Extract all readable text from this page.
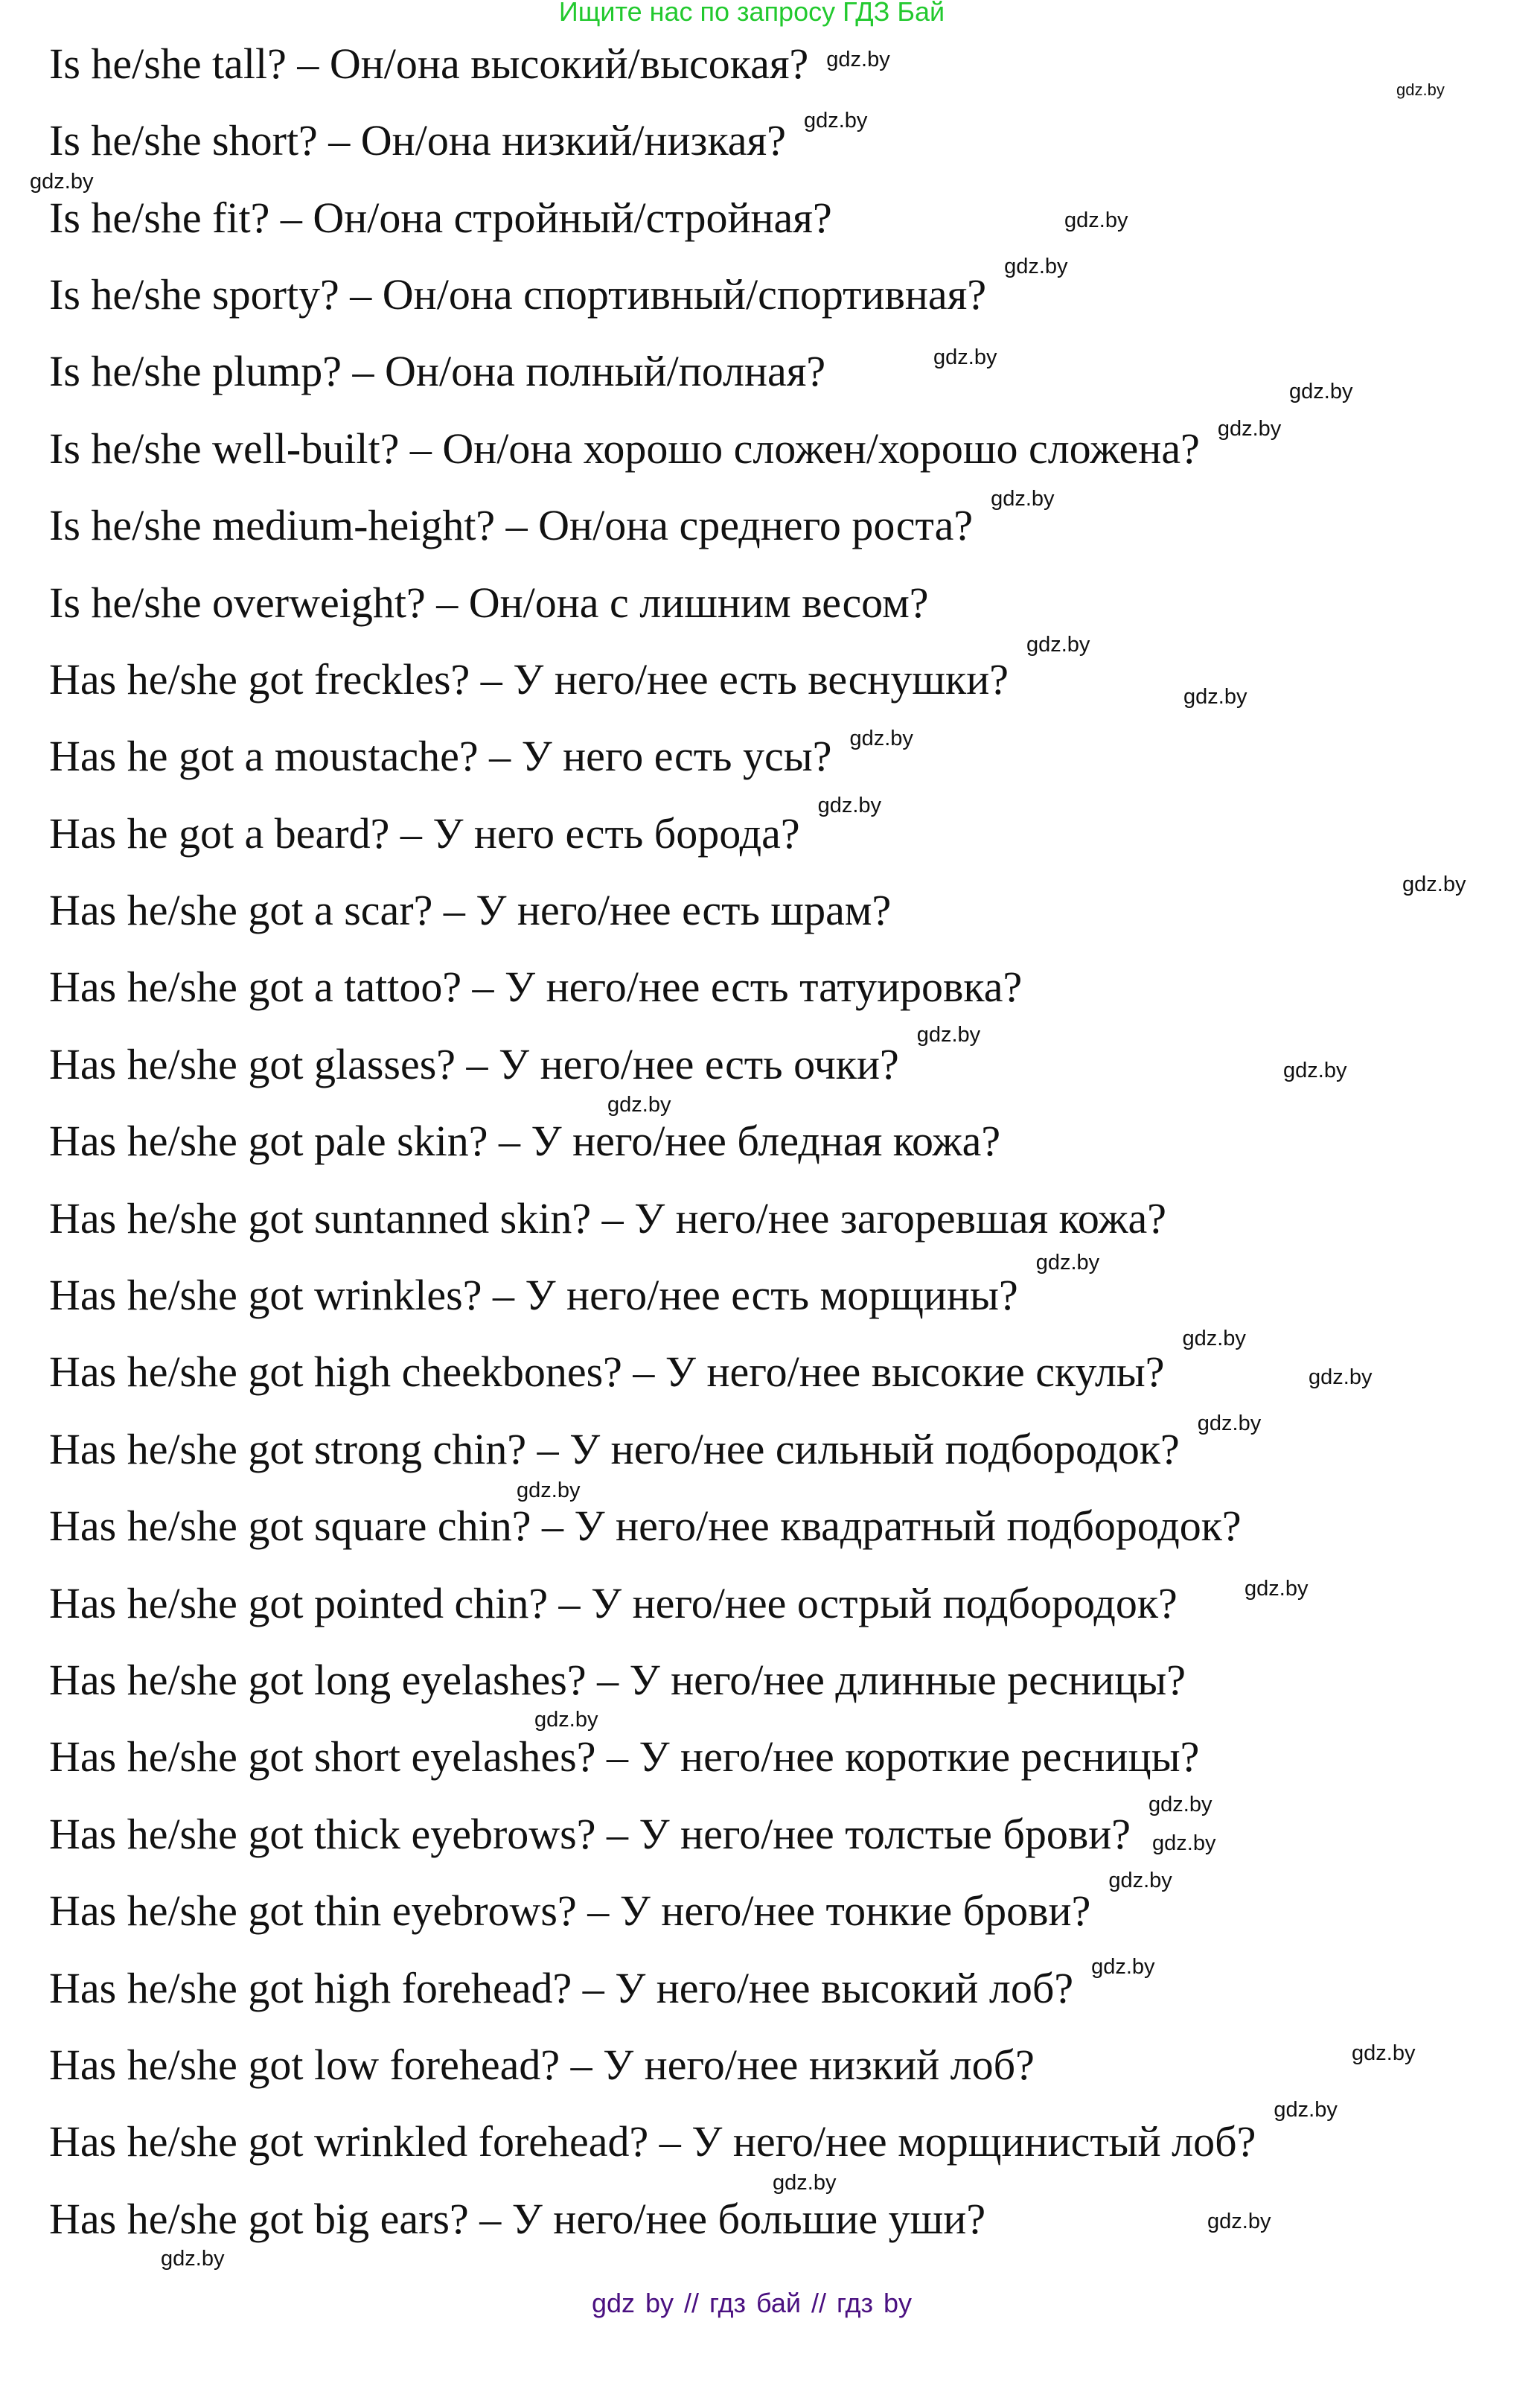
Ищите нас по запросу ГДЗ Бай
Is he/she tall? – Он/она высокий/высокая?
Is he/she short? – Он/она низкий/низкая?
Is he/she fit? – Он/она стройный/стройная?
Is he/she sporty? – Он/она спортивный/спортивная?
Is he/she plump? – Он/она полный/полная?
Is he/she well-built? – Он/она хорошо сложен/хорошо сложена?
Is he/she medium-height? – Он/она среднего роста?
Is he/she overweight? – Он/она с лишним весом?
Has he/she got freckles? – У него/нее есть веснушки?
Has he got a moustache? – У него есть усы?
Has he got a beard? – У него есть борода?
Has he/she got a scar? – У него/нее есть шрам?
Has he/she got a tattoo? – У него/нее есть татуировка?
Has he/she got glasses? – У него/нее есть очки?
Has he/she got pale skin? – У него/нее бледная кожа?
Has he/she got suntanned skin? – У него/нее загоревшая кожа?
Has he/she got wrinkles? – У него/нее есть морщины?
Has he/she got high cheekbones? – У него/нее высокие скулы?
Has he/she got strong chin? – У него/нее сильный подбородок?
Has he/she got square chin? – У него/нее квадратный подбородок?
Has he/she got pointed chin? – У него/нее острый подбородок?
Has he/she got long eyelashes? – У него/нее длинные ресницы?
Has he/she got short eyelashes? – У него/нее короткие ресницы?
Has he/she got thick eyebrows? – У него/нее толстые брови?
Has he/she got thin eyebrows? – У него/нее тонкие брови?
Has he/she got high forehead? – У него/нее высокий лоб?
Has he/she got low forehead? – У него/нее низкий лоб?
Has he/she got wrinkled forehead? – У него/нее морщинистый лоб?
Has he/she got big ears? – У него/нее большие уши?
gdz.by
gdz.by
gdz.by
gdz.by
gdz.by
gdz.by
gdz.by
gdz.by
gdz.by
gdz.by
gdz.by
gdz.by
gdz.by
gdz.by
gdz.by
gdz.by
gdz.by
gdz.by
gdz.by
gdz.by
gdz.by
gdz.by
gdz.by
gdz.by
gdz.by
gdz.by
gdz.by
gdz.by
gdz.by
gdz.by
gdz.by
gdz.by
gdz.by
gdz.by
gdz by // гдз бай // гдз by
